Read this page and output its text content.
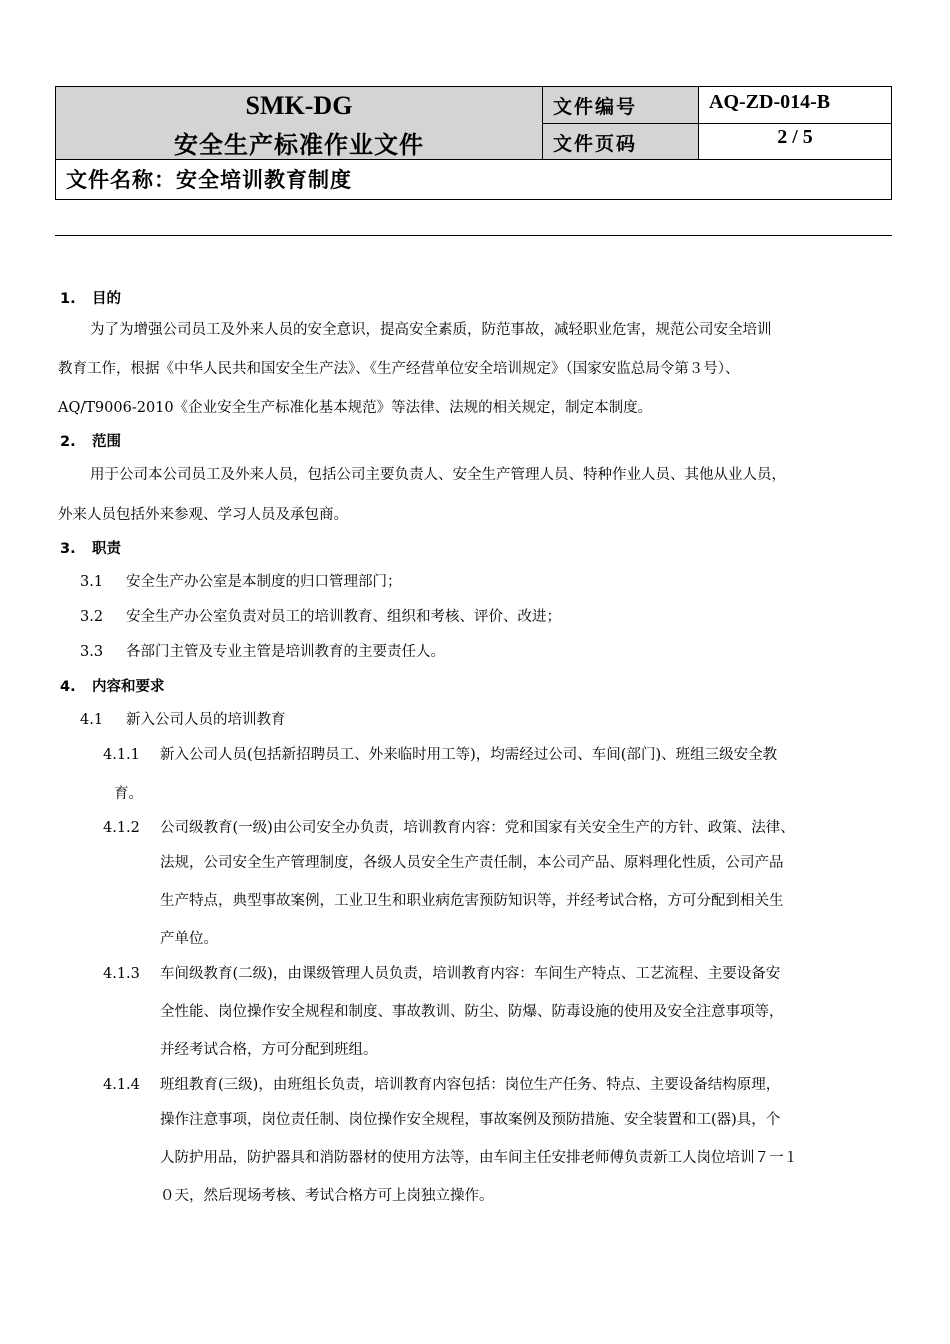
SMK-DG
安全生产标准作业文件
文件编号	AQ-ZD-014-B
文件页码	2 / 5
文件名称：安全培训教育制度
1. 目的
为了为增强公司员工及外来人员的安全意识，提高安全素质，防范事故，减轻职业危害，规范公司安全培训
教育工作，根据《中华人民共和国安全生产法》、《生产经营单位安全培训规定》（国家安监总局令第３号）、
AQ/T9006-2010《企业安全生产标准化基本规范》等法律、法规的相关规定，制定本制度。
2. 范围
用于公司本公司员工及外来人员，包括公司主要负责人、安全生产管理人员、特种作业人员、其他从业人员，
外来人员包括外来参观、学习人员及承包商。
3. 职责
3.1 安全生产办公室是本制度的归口管理部门；
3.2 安全生产办公室负责对员工的培训教育、组织和考核、评价、改进；
3.3 各部门主管及专业主管是培训教育的主要责任人。
4. 内容和要求
4.1 新入公司人员的培训教育
4.1.1 新入公司人员(包括新招聘员工、外来临时用工等)，均需经过公司、车间(部门)、班组三级安全教
育。
4.1.2 公司级教育(一级)由公司安全办负责，培训教育内容：党和国家有关安全生产的方针、政策、法律、
法规，公司安全生产管理制度，各级人员安全生产责任制，本公司产品、原料理化性质，公司产品
生产特点，典型事故案例，工业卫生和职业病危害预防知识等，并经考试合格，方可分配到相关生
产单位。
4.1.3 车间级教育(二级)，由课级管理人员负责，培训教育内容：车间生产特点、工艺流程、主要设备安
全性能、岗位操作安全规程和制度、事故教训、防尘、防爆、防毒设施的使用及安全注意事项等，
并经考试合格，方可分配到班组。
4.1.4 班组教育(三级)，由班组长负责，培训教育内容包括：岗位生产任务、特点、主要设备结构原理，
操作注意事项，岗位责任制、岗位操作安全规程，事故案例及预防措施、安全装置和工(器)具，个
人防护用品，防护器具和消防器材的使用方法等，由车间主任安排老师傅负责新工人岗位培训７一１
０天，然后现场考核、考试合格方可上岗独立操作。
